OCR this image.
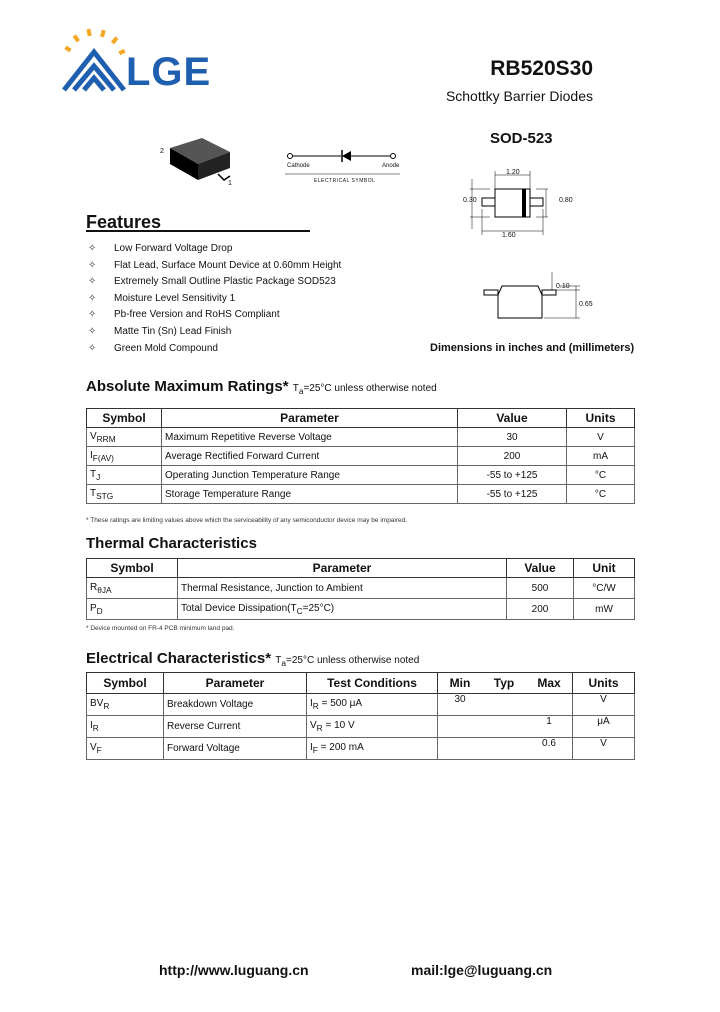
LGE	RB520S30
Schottky Barrier Diodes
2
1
Cathode	Anode
ELECTRICAL SYMBOL
SOD-523
1.20
0.80
0.30
1.60
0.10
0.65
Dimensions in inches and (millimeters)
Features
✧ Low Forward Voltage Drop
✧ Flat Lead, Surface Mount Device at 0.60mm Height
✧ Extremely Small Outline Plastic Package SOD523
✧ Moisture Level Sensitivity 1
✧ Pb-free Version and RoHS Compliant
✧ Matte Tin (Sn) Lead Finish
✧ Green Mold Compound
Absolute Maximum Ratings* $T_a=25^\circ C$ unless otherwise noted
Symbol	Parameter	Value	Units
$V_{RRM}$	Maximum Repetitive Reverse Voltage	30	V
$I_{F(AV)}$	Average Rectified Forward Current	200	mA
$T_J$	Operating Junction Temperature Range	-55 to +125	°C
$T_{STG}$	Storage Temperature Range	-55 to +125	°C
* These ratings are limiting values above which the serviceability of any semiconductor device may be impaired.
Thermal Characteristics
Symbol	Parameter	Value	Unit
$R_{\theta JA}$	Thermal Resistance, Junction to Ambient	500	°C/W
$P_D$	Total Device $Dissipation(T_C=25^\circ C)$	200	mW
* Device mounted on FR-4 PCB minimum land pad.
Electrical Characteristics* $T_a=25^\circ C$ unless otherwise noted
Symbol	Parameter	Test Conditions	Min	Typ	Max	Units
$BV_R$	Breakdown Voltage	$I_R = 500$ μA	30			V
$I_R$	Reverse Current	$V_R = 10$ V			1	μA
$V_F$	Forward Voltage	$I_F = 200$ mA			0.6	V
http://www.luguang.cn	mail:lge@luguang.cn
